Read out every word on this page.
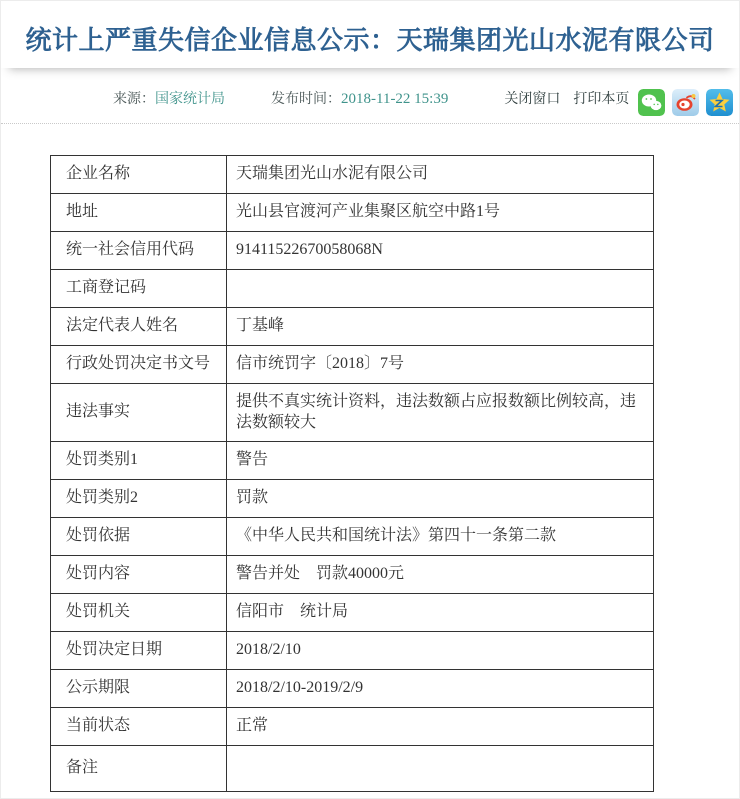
统计上严重失信企业信息公示：天瑞集团光山水泥有限公司
来源：国家统计局	发布时间：2018-11-22 15:39	关闭窗口 打印本页
企业名称	天瑞集团光山水泥有限公司
地址	光山县官渡河产业集聚区航空中路1号
统一社会信用代码	91411522670058068N
工商登记码	
法定代表人姓名	丁基峰
行政处罚决定书文号	信市统罚字〔2018〕7号
违法事实	提供不真实统计资料，违法数额占应报数额比例较高，违法数额较大
处罚类别1	警告
处罚类别2	罚款
处罚依据	《中华人民共和国统计法》第四十一条第二款
处罚内容	警告并处　罚款40000元
处罚机关	信阳市　统计局
处罚决定日期	2018/2/10
公示期限	2018/2/10-2019/2/9
当前状态	正常
备注	
